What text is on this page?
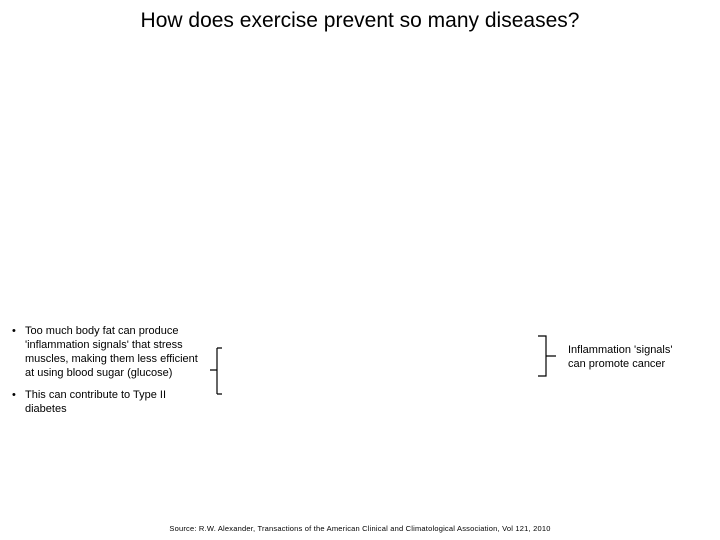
How does exercise prevent so many diseases?
• Too much body fat can produce 'inflammation signals' that stress muscles, making them less efficient at using blood sugar (glucose)
• This can contribute to Type II diabetes
Inflammation 'signals' can promote cancer
Source: R.W. Alexander, Transactions of the American Clinical and Climatological Association, Vol 121, 2010
